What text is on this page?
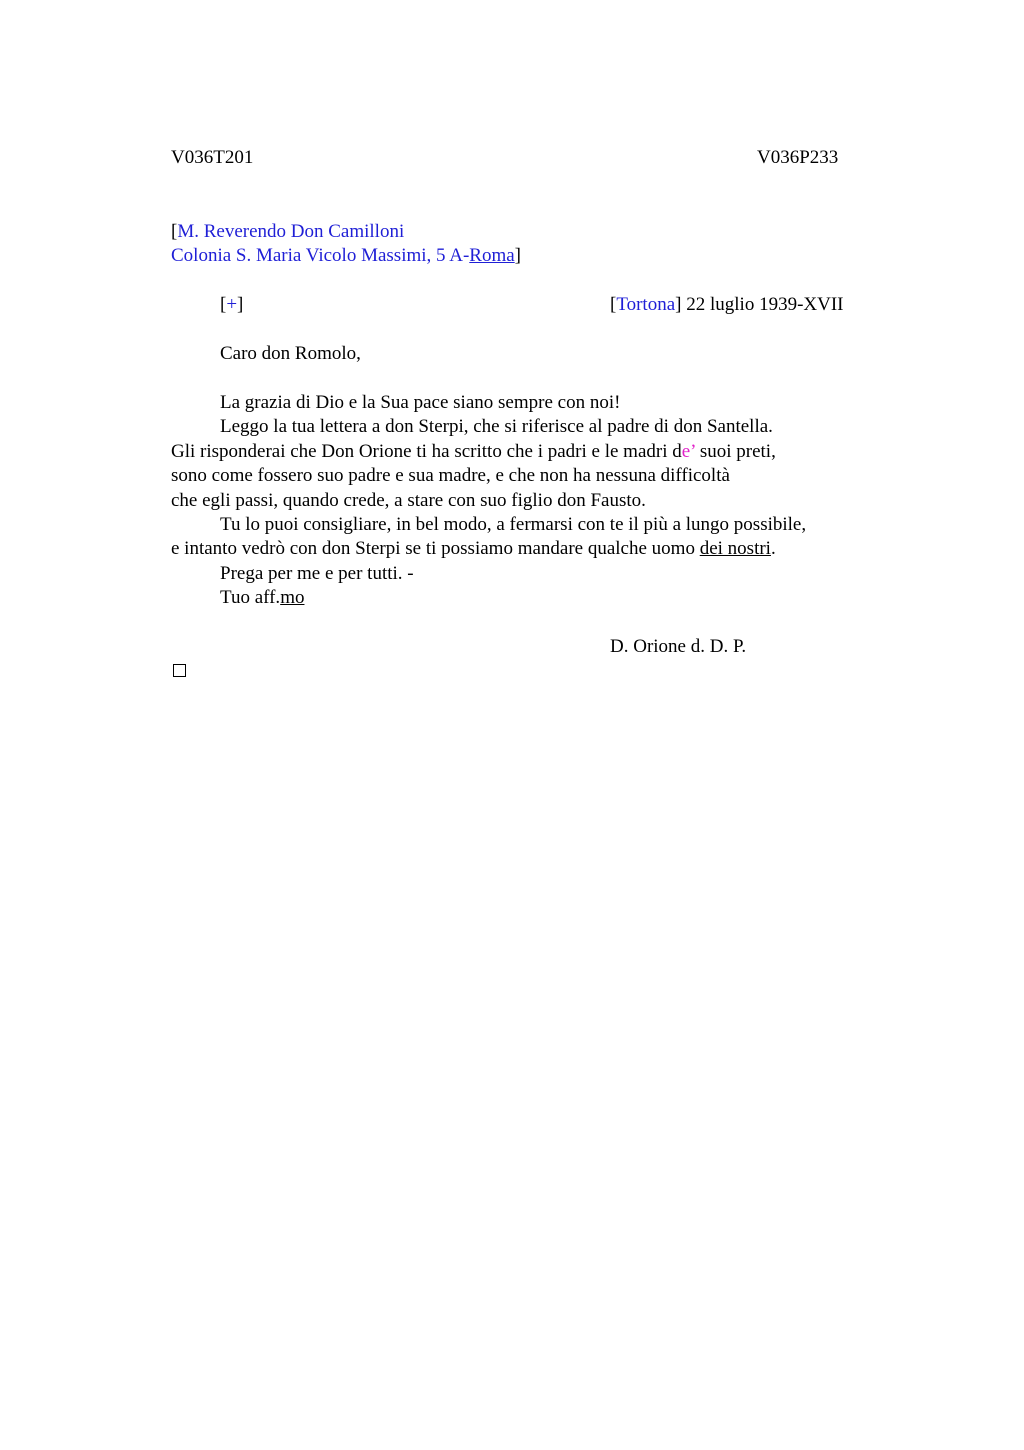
V036T201	V036P233
[M. Reverendo Don Camilloni
Colonia S. Maria Vicolo Massimi, 5 A-Roma]
[+]	[Tortona] 22 luglio 1939-XVII
Caro don Romolo,
La grazia di Dio e la Sua pace siano sempre con noi!
Leggo la tua lettera a don Sterpi, che si riferisce al padre di don Santella.
Gli risponderai che Don Orione ti ha scritto che i padri e le madri de’ suoi preti,
sono come fossero suo padre e sua madre, e che non ha nessuna difficoltà
che egli passi, quando crede, a stare con suo figlio don Fausto.
Tu lo puoi consigliare, in bel modo, a fermarsi con te il più a lungo possibile,
e intanto vedrò con don Sterpi se ti possiamo mandare qualche uomo dei nostri.
Prega per me e per tutti. -
Tuo aff.mo
D. Orione d. D. P.
